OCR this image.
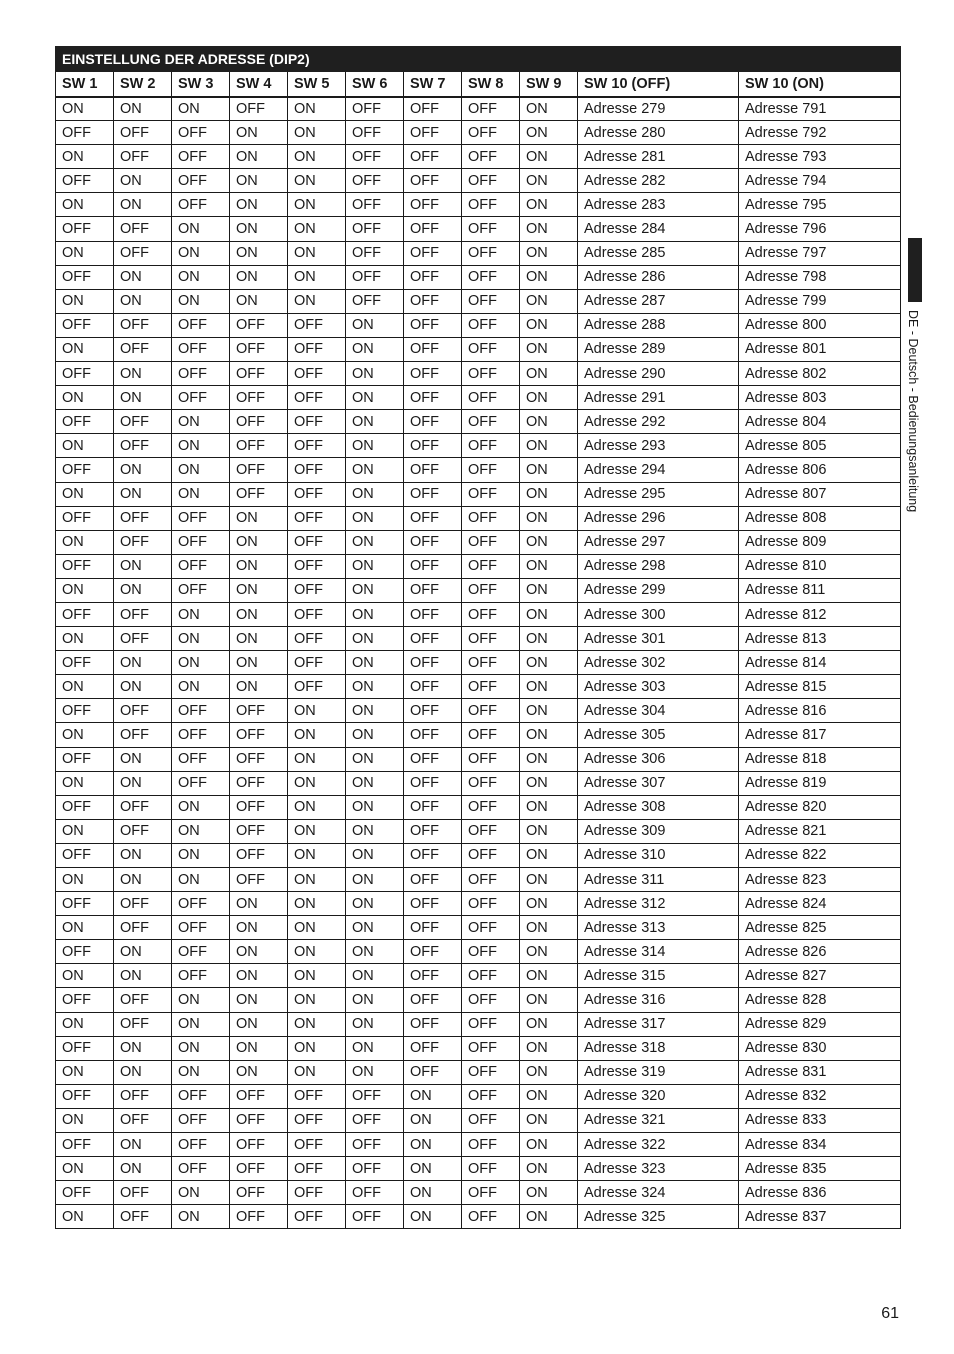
EINSTELLUNG DER ADRESSE (DIP2)										
SW 1	SW 2	SW 3	SW 4	SW 5	SW 6	SW 7	SW 8	SW 9	SW 10 (OFF)	SW 10 (ON)
ON	ON	ON	OFF	ON	OFF	OFF	OFF	ON	Adresse 279	Adresse 791
OFF	OFF	OFF	ON	ON	OFF	OFF	OFF	ON	Adresse 280	Adresse 792
ON	OFF	OFF	ON	ON	OFF	OFF	OFF	ON	Adresse 281	Adresse 793
OFF	ON	OFF	ON	ON	OFF	OFF	OFF	ON	Adresse 282	Adresse 794
ON	ON	OFF	ON	ON	OFF	OFF	OFF	ON	Adresse 283	Adresse 795
OFF	OFF	ON	ON	ON	OFF	OFF	OFF	ON	Adresse 284	Adresse 796
ON	OFF	ON	ON	ON	OFF	OFF	OFF	ON	Adresse 285	Adresse 797
OFF	ON	ON	ON	ON	OFF	OFF	OFF	ON	Adresse 286	Adresse 798
ON	ON	ON	ON	ON	OFF	OFF	OFF	ON	Adresse 287	Adresse 799
OFF	OFF	OFF	OFF	OFF	ON	OFF	OFF	ON	Adresse 288	Adresse 800
ON	OFF	OFF	OFF	OFF	ON	OFF	OFF	ON	Adresse 289	Adresse 801
OFF	ON	OFF	OFF	OFF	ON	OFF	OFF	ON	Adresse 290	Adresse 802
ON	ON	OFF	OFF	OFF	ON	OFF	OFF	ON	Adresse 291	Adresse 803
OFF	OFF	ON	OFF	OFF	ON	OFF	OFF	ON	Adresse 292	Adresse 804
ON	OFF	ON	OFF	OFF	ON	OFF	OFF	ON	Adresse 293	Adresse 805
OFF	ON	ON	OFF	OFF	ON	OFF	OFF	ON	Adresse 294	Adresse 806
ON	ON	ON	OFF	OFF	ON	OFF	OFF	ON	Adresse 295	Adresse 807
OFF	OFF	OFF	ON	OFF	ON	OFF	OFF	ON	Adresse 296	Adresse 808
ON	OFF	OFF	ON	OFF	ON	OFF	OFF	ON	Adresse 297	Adresse 809
OFF	ON	OFF	ON	OFF	ON	OFF	OFF	ON	Adresse 298	Adresse 810
ON	ON	OFF	ON	OFF	ON	OFF	OFF	ON	Adresse 299	Adresse 811
OFF	OFF	ON	ON	OFF	ON	OFF	OFF	ON	Adresse 300	Adresse 812
ON	OFF	ON	ON	OFF	ON	OFF	OFF	ON	Adresse 301	Adresse 813
OFF	ON	ON	ON	OFF	ON	OFF	OFF	ON	Adresse 302	Adresse 814
ON	ON	ON	ON	OFF	ON	OFF	OFF	ON	Adresse 303	Adresse 815
OFF	OFF	OFF	OFF	ON	ON	OFF	OFF	ON	Adresse 304	Adresse 816
ON	OFF	OFF	OFF	ON	ON	OFF	OFF	ON	Adresse 305	Adresse 817
OFF	ON	OFF	OFF	ON	ON	OFF	OFF	ON	Adresse 306	Adresse 818
ON	ON	OFF	OFF	ON	ON	OFF	OFF	ON	Adresse 307	Adresse 819
OFF	OFF	ON	OFF	ON	ON	OFF	OFF	ON	Adresse 308	Adresse 820
ON	OFF	ON	OFF	ON	ON	OFF	OFF	ON	Adresse 309	Adresse 821
OFF	ON	ON	OFF	ON	ON	OFF	OFF	ON	Adresse 310	Adresse 822
ON	ON	ON	OFF	ON	ON	OFF	OFF	ON	Adresse 311	Adresse 823
OFF	OFF	OFF	ON	ON	ON	OFF	OFF	ON	Adresse 312	Adresse 824
ON	OFF	OFF	ON	ON	ON	OFF	OFF	ON	Adresse 313	Adresse 825
OFF	ON	OFF	ON	ON	ON	OFF	OFF	ON	Adresse 314	Adresse 826
ON	ON	OFF	ON	ON	ON	OFF	OFF	ON	Adresse 315	Adresse 827
OFF	OFF	ON	ON	ON	ON	OFF	OFF	ON	Adresse 316	Adresse 828
ON	OFF	ON	ON	ON	ON	OFF	OFF	ON	Adresse 317	Adresse 829
OFF	ON	ON	ON	ON	ON	OFF	OFF	ON	Adresse 318	Adresse 830
ON	ON	ON	ON	ON	ON	OFF	OFF	ON	Adresse 319	Adresse 831
OFF	OFF	OFF	OFF	OFF	OFF	ON	OFF	ON	Adresse 320	Adresse 832
ON	OFF	OFF	OFF	OFF	OFF	ON	OFF	ON	Adresse 321	Adresse 833
OFF	ON	OFF	OFF	OFF	OFF	ON	OFF	ON	Adresse 322	Adresse 834
ON	ON	OFF	OFF	OFF	OFF	ON	OFF	ON	Adresse 323	Adresse 835
OFF	OFF	ON	OFF	OFF	OFF	ON	OFF	ON	Adresse 324	Adresse 836
ON	OFF	ON	OFF	OFF	OFF	ON	OFF	ON	Adresse 325	Adresse 837
DE - Deutsch - Bedienungsanleitung
61
